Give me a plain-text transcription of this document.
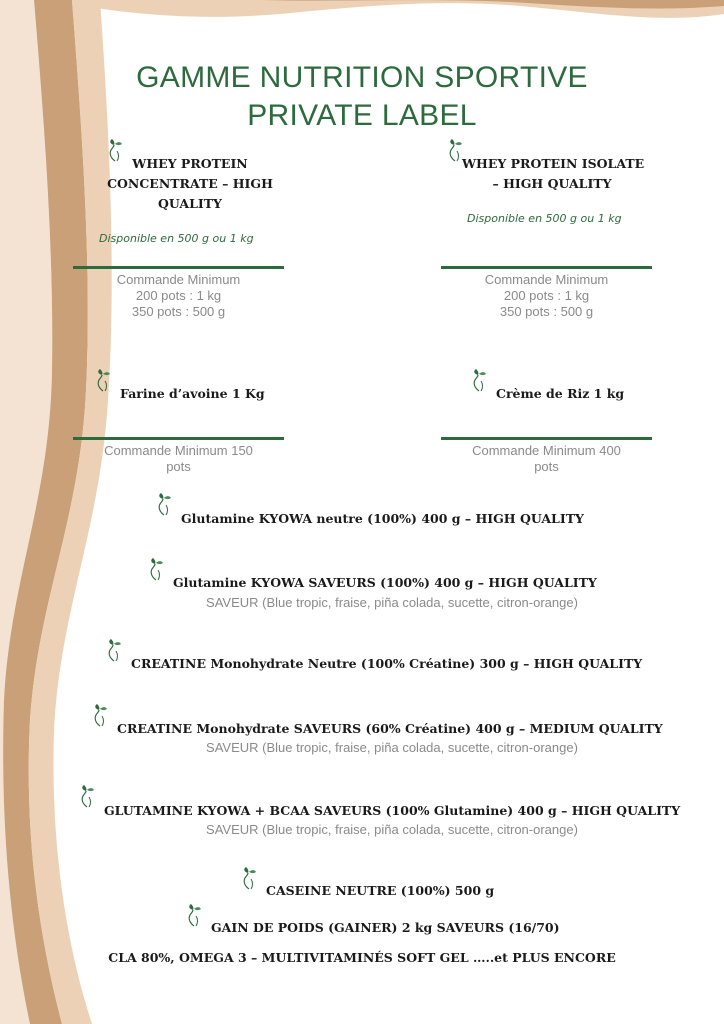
GAMME NUTRITION SPORTIVE
PRIVATE LABEL
WHEY PROTEIN
CONCENTRATE – HIGH
QUALITY
Disponible en 500 g ou 1 kg
Commande Minimum
200 pots : 1 kg
350 pots : 500 g
WHEY PROTEIN ISOLATE
– HIGH QUALITY
Disponible en 500 g ou 1 kg
Commande Minimum
200 pots : 1 kg
350 pots : 500 g
Farine d’avoine 1 Kg
Commande Minimum 150
pots
Crème de Riz 1 kg
Commande Minimum 400
pots
Glutamine KYOWA neutre (100%) 400 g – HIGH QUALITY
Glutamine KYOWA SAVEURS (100%) 400 g – HIGH QUALITY
SAVEUR (Blue tropic, fraise, piña colada, sucette, citron-orange)
CREATINE Monohydrate Neutre (100% Créatine) 300 g – HIGH QUALITY
CREATINE Monohydrate SAVEURS (60% Créatine) 400 g – MEDIUM QUALITY
SAVEUR (Blue tropic, fraise, piña colada, sucette, citron-orange)
GLUTAMINE KYOWA + BCAA SAVEURS (100% Glutamine) 400 g – HIGH QUALITY
SAVEUR (Blue tropic, fraise, piña colada, sucette, citron-orange)
CASEINE NEUTRE (100%) 500 g
GAIN DE POIDS (GAINER) 2 kg SAVEURS (16/70)
CLA 80%, OMEGA 3 – MULTIVITAMINÉS SOFT GEL …..et PLUS ENCORE
